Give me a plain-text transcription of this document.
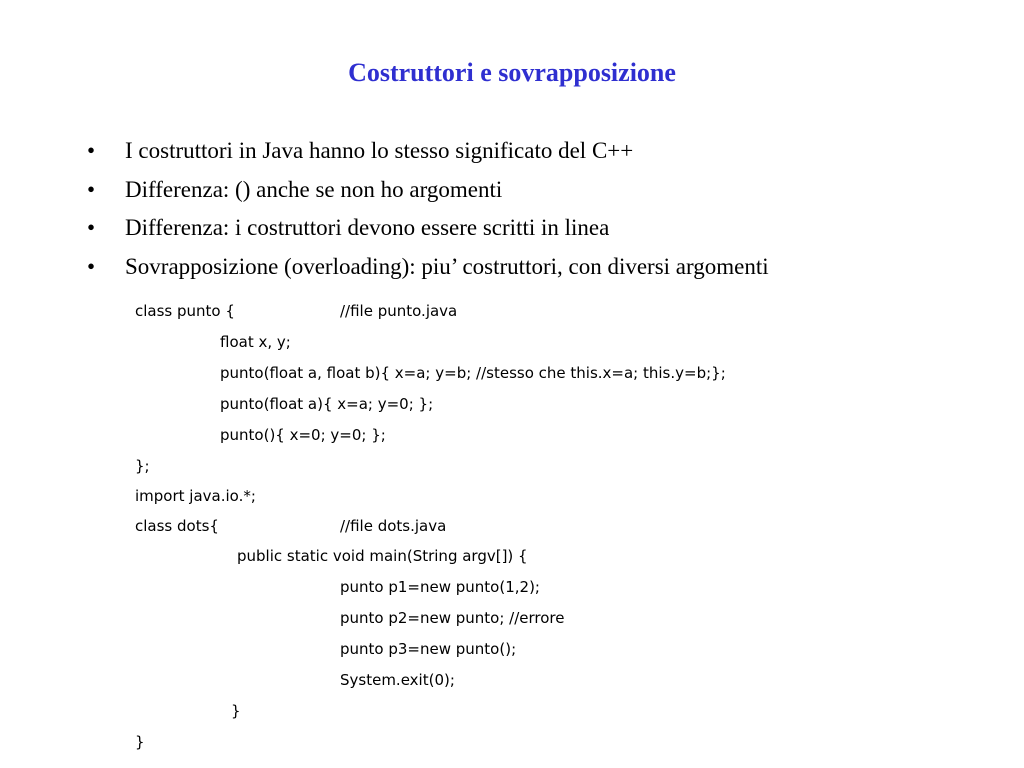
Costruttori e sovrapposizione
•	I costruttori in Java hanno lo stesso significato del C++
•	Differenza: () anche se non ho argomenti
•	Differenza: i costruttori devono essere scritti in linea
•	Sovrapposizione (overloading): piu’ costruttori, con diversi argomenti
class punto {	//file punto.java
float x, y;
punto(float a, float b){ x=a; y=b; //stesso che this.x=a; this.y=b;};
punto(float a){ x=a; y=0; };
punto(){ x=0; y=0; };
};
import java.io.*;
class dots{	//file dots.java
public static void main(String argv[]) {
punto p1=new punto(1,2);
punto p2=new punto; //errore
punto p3=new punto();
System.exit(0);
}
}
